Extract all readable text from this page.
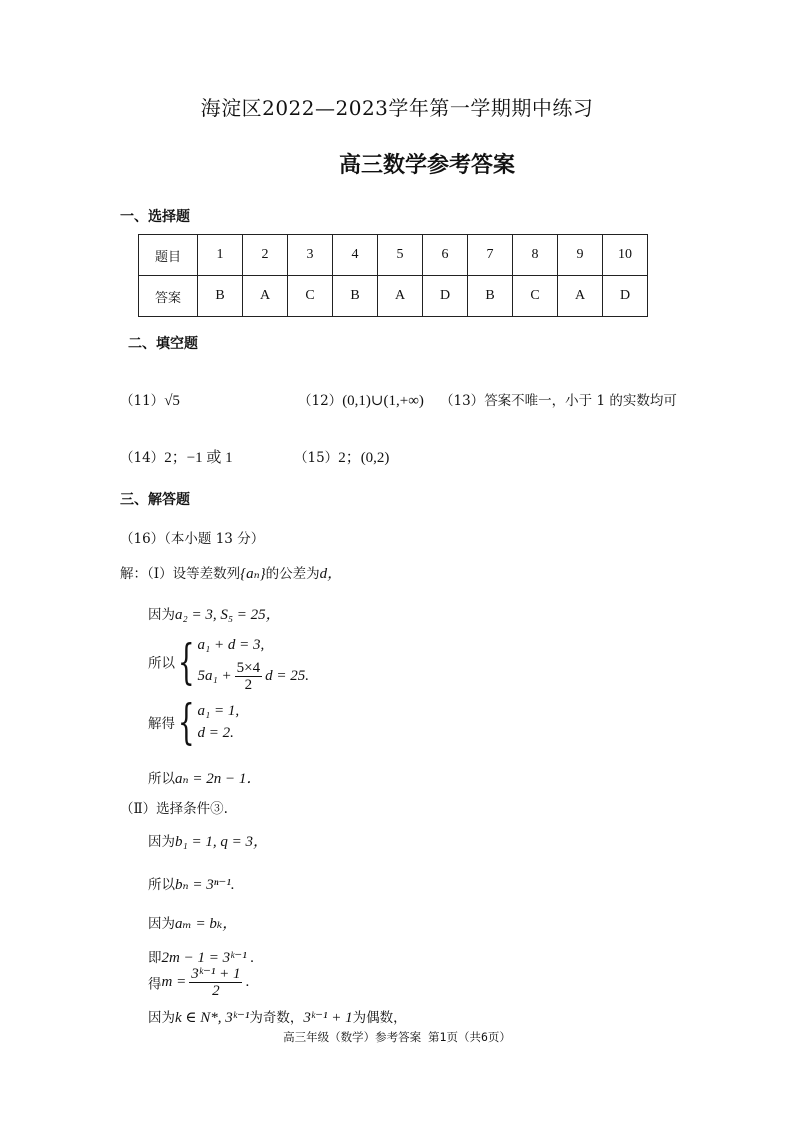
海淀区2022—2023学年第一学期期中练习
高三数学参考答案
一、选择题
题目	1	2	3	4	5	6	7	8	9	10
答案	B	A	C	B	A	D	B	C	A	D
二、填空题
（11）√5	（12）(0,1)∪(1,+∞) （13）答案不唯一，小于 1 的实数均可
（14）2；−1 或 1	（15）2；(0,2)
三、解答题
（16）（本小题 13 分）
解：（Ⅰ）设等差数列{aₙ}的公差为d，
因为a₂ = 3, S₅ = 25，
所以{ a₁ + d = 3,
$5a_1 + \frac{5\times 4}{2}$ d = 25.
解得{ a₁ = 1,
d = 2.
所以aₙ = 2n − 1．
（Ⅱ）选择条件③.
因为b₁ = 1, q = 3，
所以bₙ = 3ⁿ⁻¹.
因为aₘ = bₖ，
即2m − 1 = 3ᵏ⁻¹ .
得$m = \frac{\text{3ᵏ⁻¹ + 1}}{2}$ .
因为k ∈ N*, 3ᵏ⁻¹为奇数，3ᵏ⁻¹ + 1为偶数，
高三年级（数学）参考答案 第1页（共6页）
